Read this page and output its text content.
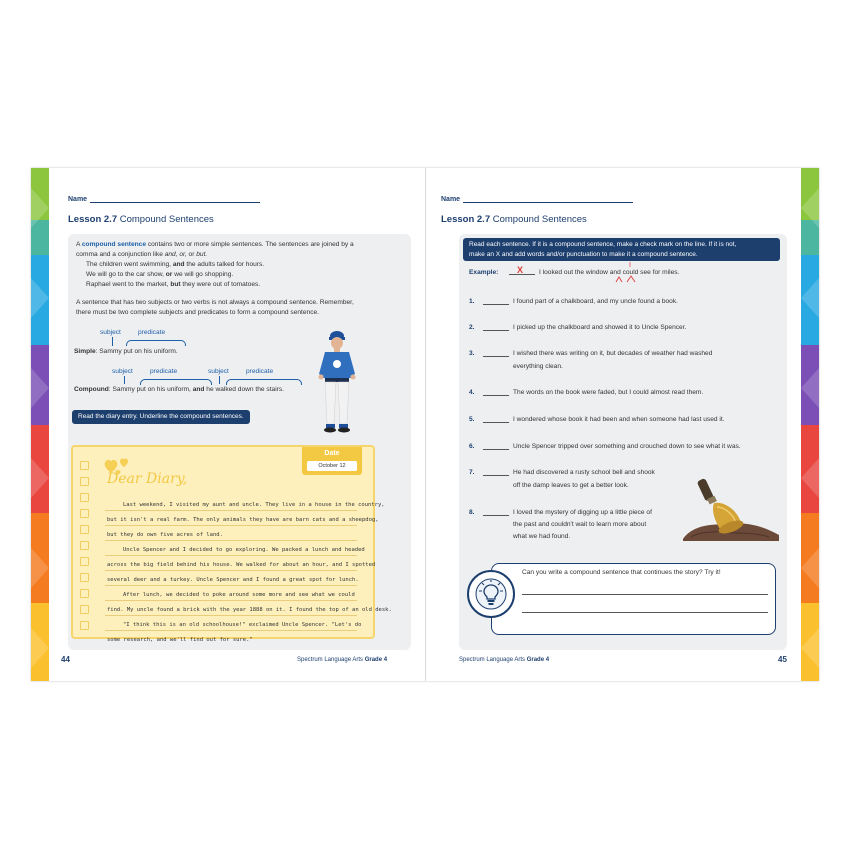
Name
Lesson 2.7 Compound Sentences
A compound sentence contains two or more simple sentences. The sentences are joined by a
comma and a conjunction like and, or, or but.
The children went swimming, and the adults talked for hours.
We will go to the car show, or we will go shopping.
Raphael went to the market, but they were out of tomatoes.
A sentence that has two subjects or two verbs is not always a compound sentence. Remember,
there must be two complete subjects and predicates to form a compound sentence.
subject	predicate
Simple: Sammy put on his uniform.
subject	predicate	subject	predicate
Compound: Sammy put on his uniform, and he walked down the stairs.
Read the diary entry. Underline the compound sentences.
Dear Diary,
Date
October 12
Last weekend, I visited my aunt and uncle. They live in a house in the country,
but it isn't a real farm. The only animals they have are barn cats and a sheepdog,
but they do own five acres of land.
Uncle Spencer and I decided to go exploring. We packed a lunch and headed
across the big field behind his house. We walked for about an hour, and I spotted
several deer and a turkey. Uncle Spencer and I found a great spot for lunch.
After lunch, we decided to poke around some more and see what we could
find. My uncle found a brick with the year 1888 on it. I found the top of an old desk.
"I think this is an old schoolhouse!" exclaimed Uncle Spencer. "Let's do
some research, and we'll find out for sure."
44	Spectrum Language Arts Grade 4
Name
Lesson 2.7 Compound Sentences
Read each sentence. If it is a compound sentence, make a check mark on the line. If it is not,
make an X and add words and/or punctuation to make it a compound sentence.
Example: X I looked out the window and could see for miles.
I
1.	I found part of a chalkboard, and my uncle found a book.
2.	I picked up the chalkboard and showed it to Uncle Spencer.
3.	I wished there was writing on it, but decades of weather had washed
everything clean.
4.	The words on the book were faded, but I could almost read them.
5.	I wondered whose book it had been and when someone had last used it.
6.	Uncle Spencer tripped over something and crouched down to see what it was.
7.	He had discovered a rusty school bell and shook
off the damp leaves to get a better look.
8.	I loved the mystery of digging up a little piece of
the past and couldn't wait to learn more about
what we had found.
Can you write a compound sentence that continues the story? Try it!
Spectrum Language Arts Grade 4	45
